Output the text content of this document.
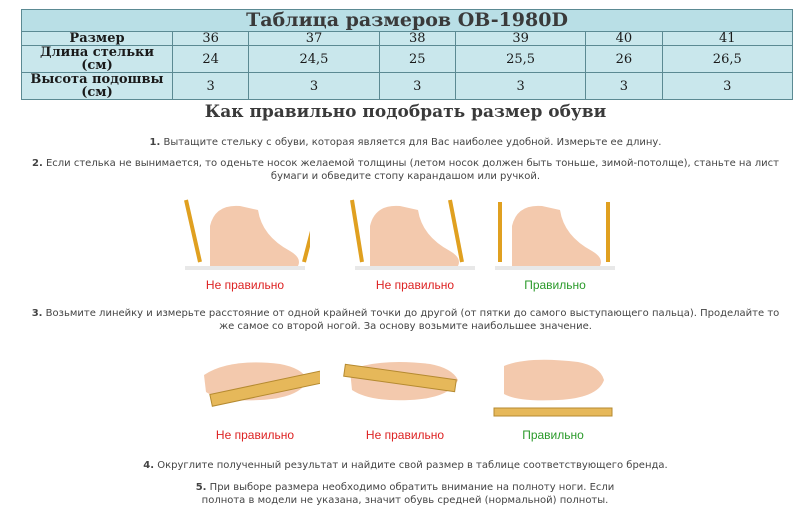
Таблица размеров OB-1980D						
Размер	36	37	38	39	40	41
Длина стельки (см)	24	24,5	25	25,5	26	26,5
Высота подошвы (см)	3	3	3	3	3	3
Как правильно подобрать размер обуви
1. Вытащите стельку с обуви, которая является для Вас наиболее удобной. Измерьте ее длину.
2. Если стелька не вынимается, то оденьте носок желаемой толщины (летом носок должен быть тоньше, зимой-потолще), станьте на лист бумаги и обведите стопу карандашом или ручкой.
Не правильно	Не правильно	Правильно
3. Возьмите линейку и измерьте расстояние от одной крайней точки до другой (от пятки до самого выступающего пальца). Проделайте то же самое со второй ногой. За основу возьмите наибольшее значение.
Не правильно	Не правильно	Правильно
4. Округлите полученный результат и найдите свой размер в таблице соответствующего бренда.
5. При выборе размера необходимо обратить внимание на полноту ноги. Если полнота в модели не указана, значит обувь средней (нормальной) полноты.
